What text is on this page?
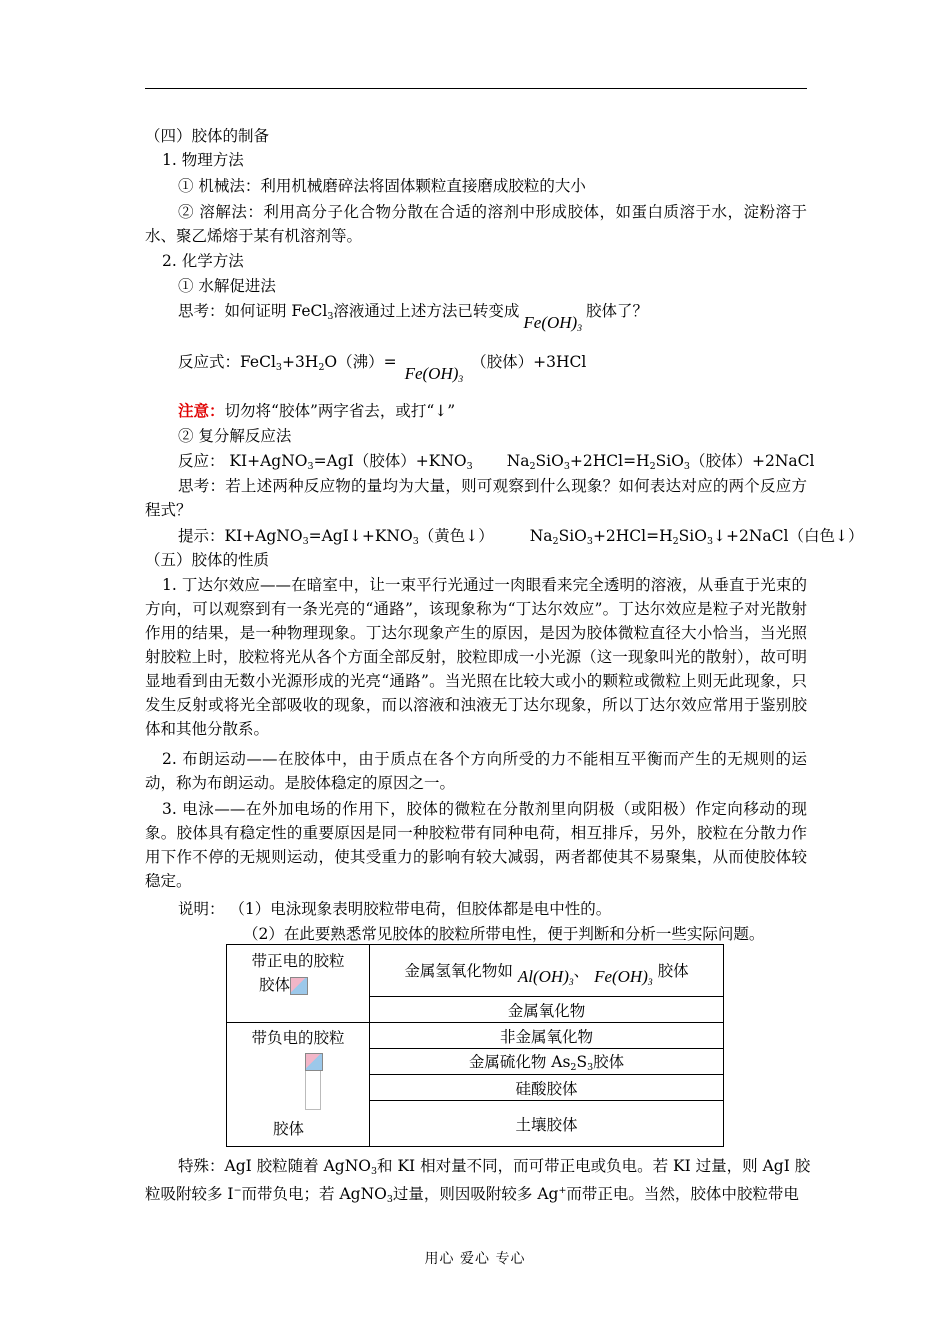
（四）胶体的制备
1. 物理方法
① 机械法：利用机械磨碎法将固体颗粒直接磨成胶粒的大小
② 溶解法：利用高分子化合物分散在合适的溶剂中形成胶体，如蛋白质溶于水，淀粉溶于水、聚乙烯熔于某有机溶剂等。
2. 化学方法
① 水解促进法
思考：如何证明 FeCl$_3$溶液通过上述方法已转变成$Fe(OH)_3$胶体了？
反应式：$FeCl_3+3H_2O$（沸）$=Fe(OH)_3$（胶体）+3HCl
注意：切勿将“胶体”两字省去，或打“↓”
② 复分解反应法
反应： KI+AgNO$_3$=AgI（胶体）$+KNO_3$ $Na_2SiO_3+2HCl=H_2SiO_3$（胶体）+2NaCl
思考：若上述两种反应物的量均为大量，则可观察到什么现象？如何表达对应的两个反应方程式？
提示：$KI+AgNO_3=AgI↓+KNO_3$（黄色↓） $Na_2SiO_3+2HCl=H_2SiO_3↓+2NaCl$（白色↓）
（五）胶体的性质
1. 丁达尔效应——在暗室中，让一束平行光通过一肉眼看来完全透明的溶液，从垂直于光束的方向，可以观察到有一条光亮的“通路”，该现象称为“丁达尔效应”。丁达尔效应是粒子对光散射作用的结果，是一种物理现象。丁达尔现象产生的原因，是因为胶体微粒直径大小恰当，当光照射胶粒上时，胶粒将光从各个方面全部反射，胶粒即成一小光源（这一现象叫光的散射），故可明显地看到由无数小光源形成的光亮“通路”。当光照在比较大或小的颗粒或微粒上则无此现象，只发生反射或将光全部吸收的现象，而以溶液和浊液无丁达尔现象，所以丁达尔效应常用于鉴别胶体和其他分散系。
2. 布朗运动——在胶体中，由于质点在各个方向所受的力不能相互平衡而产生的无规则的运动，称为布朗运动。是胶体稳定的原因之一。
3. 电泳——在外加电场的作用下，胶体的微粒在分散剂里向阴极（或阳极）作定向移动的现象。胶体具有稳定性的重要原因是同一种胶粒带有同种电荷，相互排斥，另外，胶粒在分散力作用下作不停的无规则运动，使其受重力的影响有较大减弱，两者都使其不易聚集，从而使胶体较稳定。
说明： （1）电泳现象表明胶粒带电荷，但胶体都是电中性的。
（2）在此要熟悉常见胶体的胶粒所带电性，便于判断和分析一些实际问题。
带正电的胶粒
胶体	金属氢氧化物如 $Al(OH)_3$、 $Fe(OH)_3$ 胶体
	金属氧化物

带负电的胶粒
胶体	非金属氧化物
	金属硫化物 $As_2S_3$胶体
	硅酸胶体
	土壤胶体
特殊：AgI 胶粒随着 AgNO$_3$和 KI 相对量不同，而可带正电或负电。若 KI 过量，则 AgI 胶
粒吸附较多 I−而带负电；若 AgNO$_3$过量，则因吸附较多 Ag+而带正电。当然，胶体中胶粒带电
用心 爱心 专心
